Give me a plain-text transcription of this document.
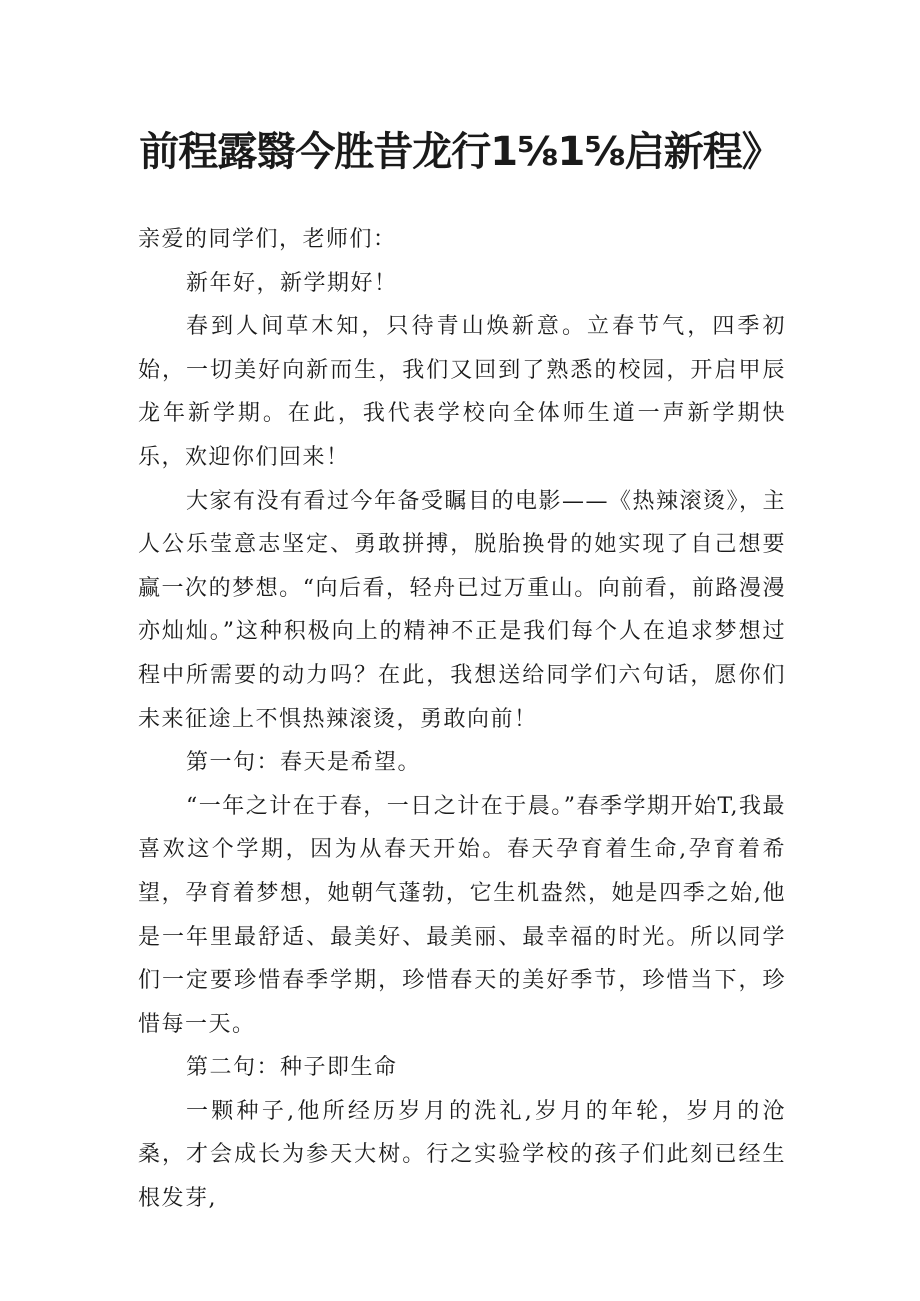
前程露翳今胜昔龙行1⅝1⅝启新程》

亲爱的同学们，老师们：

新年好，新学期好！

春到人间草木知，只待青山焕新意。立春节气，四季初始，一切美好向新而生，我们又回到了熟悉的校园，开启甲辰龙年新学期。在此，我代表学校向全体师生道一声新学期快乐，欢迎你们回来！

大家有没有看过今年备受瞩目的电影——《热辣滚烫》，主人公乐莹意志坚定、勇敢拼搏，脱胎换骨的她实现了自己想要赢一次的梦想。“向后看，轻舟已过万重山。向前看，前路漫漫亦灿灿。”这种积极向上的精神不正是我们每个人在追求梦想过程中所需要的动力吗？在此，我想送给同学们六句话，愿你们未来征途上不惧热辣滚烫，勇敢向前！

第一句：春天是希望。

“一年之计在于春，一日之计在于晨。”春季学期开始T,我最喜欢这个学期，因为从春天开始。春天孕育着生命,孕育着希望，孕育着梦想，她朝气蓬勃，它生机盎然，她是四季之始,他是一年里最舒适、最美好、最美丽、最幸福的时光。所以同学们一定要珍惜春季学期，珍惜春天的美好季节，珍惜当下，珍惜每一天。

第二句：种子即生命

一颗种子,他所经历岁月的洗礼,岁月的年轮，岁月的沧桑，才会成长为参天大树。行之实验学校的孩子们此刻已经生根发芽,
